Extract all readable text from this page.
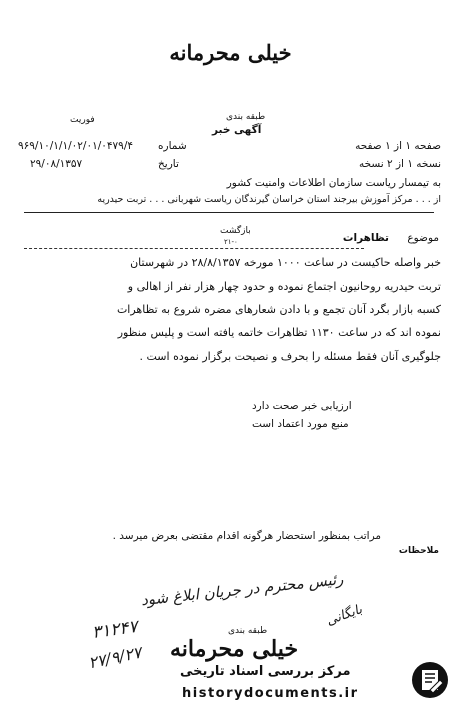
خیلی محرمانه
فوریت	طبقه بندی
آگهی خبر
صفحه ۱ از ۱ صفحه
شماره
۹۶۹/۱۰/۱/۱/۰۲/۰۱/۰۴۷۹/۴
نسخه ۱ از ۲ نسخه
تاریخ
۲۹/۰۸/۱۳۵۷
به تیمسار ریاست سازمان اطلاعات وامنیت کشور
از . . . مرکز آموزش بیرجند استان خراسان گیرندگان ریاست شهربانی . . . تربت حیدریه
بازگشت
۲۱-۰	موضوع
تظاهرات
خبر واصله حاکیست در ساعت ۱۰۰۰ مورخه ۲۸/۸/۱۳۵۷ در شهرستان
تربت حیدریه روحانیون اجتماع نموده و حدود چهار هزار نفر از اهالی و
کسبه بازار بگرد آنان تجمع و با دادن شعارهای مضره شروع به تظاهرات
نموده اند که در ساعت ۱۱۳۰ تظاهرات خاتمه یافته است و پلیس منظور
جلوگیری آنان فقط مسئله را بحرف و نصیحت برگزار نموده است .
ارزیابی خبر صحت دارد
منبع مورد اعتماد است
مراتب بمنظور استحضار هرگونه اقدام مقتضی بعرض میرسد .
ملاحظات
رئیس محترم در جریان ابلاغ شود
بایگانی
طبقه بندی
خیلی محرمانه
۳۱۲۴۷
۲۷/۹/۲۷	مرکز بررسی اسناد تاریخی
historydocuments.ir
